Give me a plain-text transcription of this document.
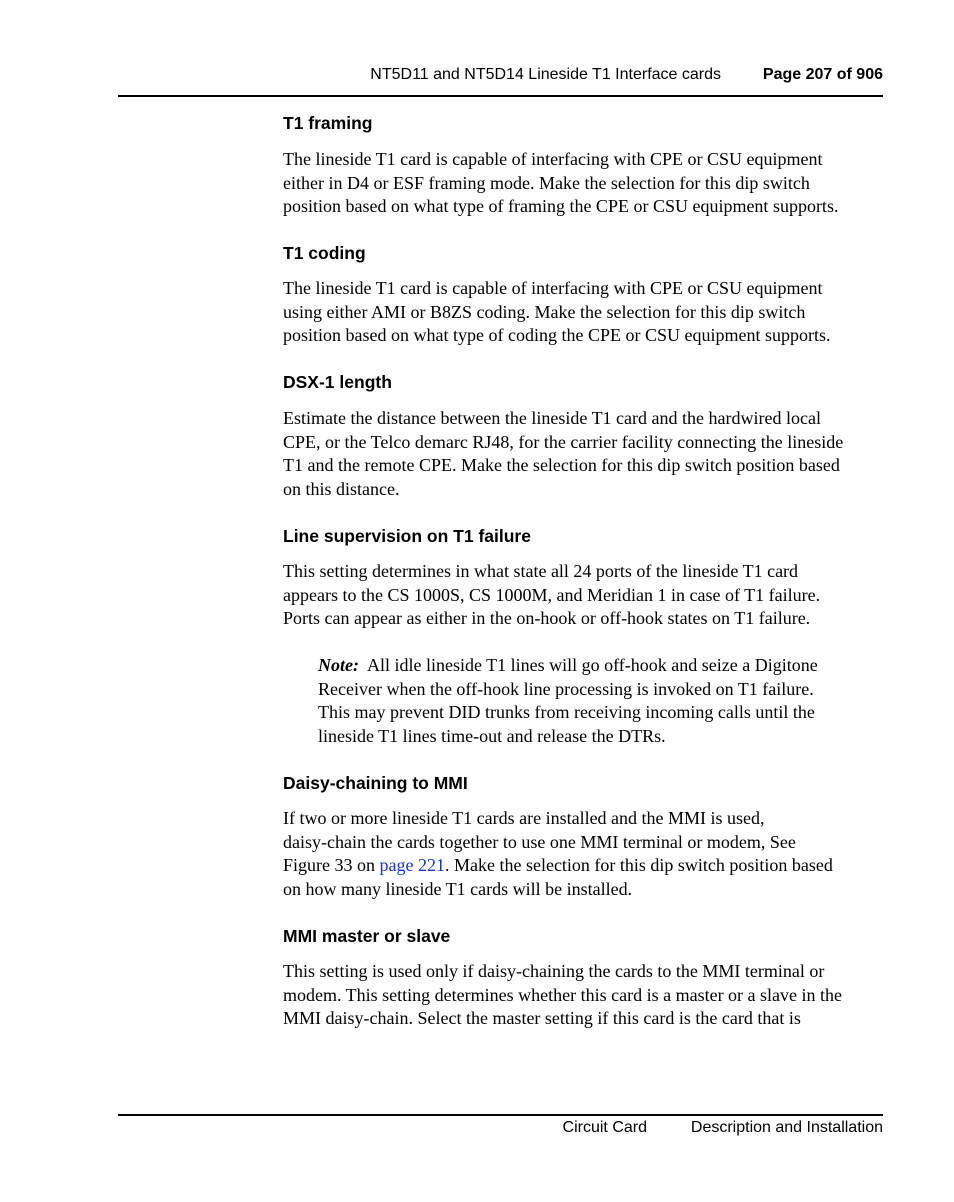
NT5D11 and NT5D14 Lineside T1 Interface cards	Page 207 of 906
T1 framing

The lineside T1 card is capable of interfacing with CPE or CSU equipment
either in D4 or ESF framing mode. Make the selection for this dip switch
position based on what type of framing the CPE or CSU equipment supports.

T1 coding

The lineside T1 card is capable of interfacing with CPE or CSU equipment
using either AMI or B8ZS coding. Make the selection for this dip switch
position based on what type of coding the CPE or CSU equipment supports.

DSX-1 length

Estimate the distance between the lineside T1 card and the hardwired local
CPE, or the Telco demarc RJ48, for the carrier facility connecting the lineside
T1 and the remote CPE. Make the selection for this dip switch position based
on this distance.

Line supervision on T1 failure

This setting determines in what state all 24 ports of the lineside T1 card
appears to the CS 1000S, CS 1000M, and Meridian 1 in case of T1 failure.
Ports can appear as either in the on-hook or off-hook states on T1 failure.

Note: All idle lineside T1 lines will go off-hook and seize a Digitone
Receiver when the off-hook line processing is invoked on T1 failure.
This may prevent DID trunks from receiving incoming calls until the
lineside T1 lines time-out and release the DTRs.

Daisy-chaining to MMI

If two or more lineside T1 cards are installed and the MMI is used,
daisy-chain the cards together to use one MMI terminal or modem, See
Figure 33 on page 221. Make the selection for this dip switch position based
on how many lineside T1 cards will be installed.

MMI master or slave

This setting is used only if daisy-chaining the cards to the MMI terminal or
modem. This setting determines whether this card is a master or a slave in the
MMI daisy-chain. Select the master setting if this card is the card that is

Circuit Card	Description and Installation
